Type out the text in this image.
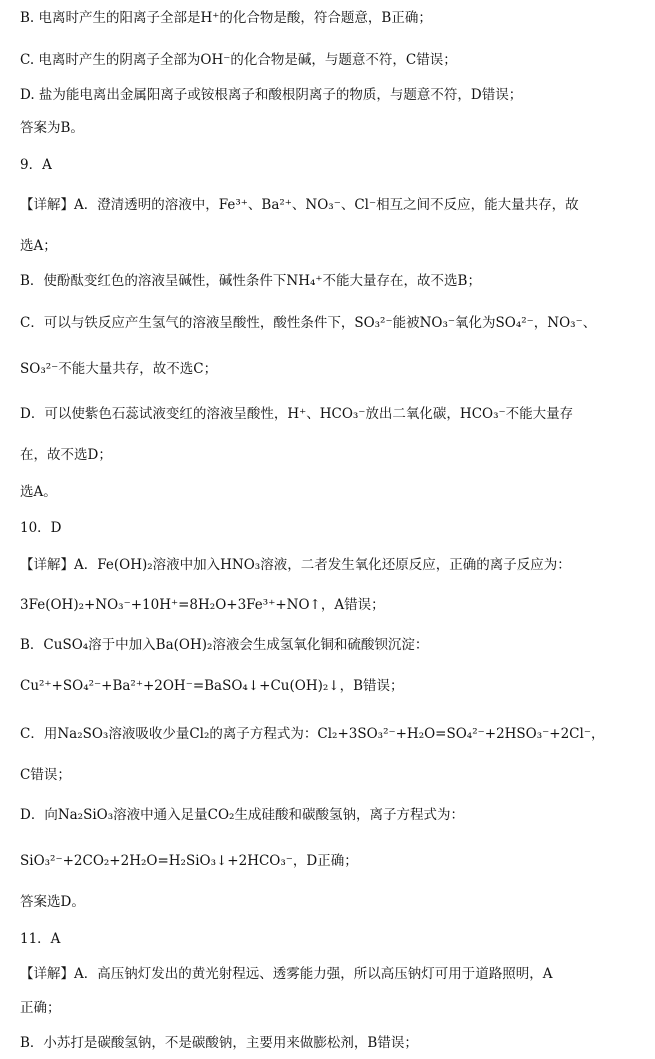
B. 电离时产生的阳离子全部是H⁺的化合物是酸，符合题意，B正确；
C. 电离时产生的阴离子全部为OH⁻的化合物是碱，与题意不符，C错误；
D. 盐为能电离出金属阳离子或铵根离子和酸根阴离子的物质，与题意不符，D错误；
答案为B。
9．A
【详解】A．澄清透明的溶液中，Fe³⁺、Ba²⁺、NO₃⁻、Cl⁻相互之间不反应，能大量共存，故
选A；
B．使酚酞变红色的溶液呈碱性，碱性条件下NH₄⁺不能大量存在，故不选B；
C．可以与铁反应产生氢气的溶液呈酸性，酸性条件下，SO₃²⁻能被NO₃⁻氧化为SO₄²⁻，NO₃⁻、
SO₃²⁻不能大量共存，故不选C；
D．可以使紫色石蕊试液变红的溶液呈酸性，H⁺、HCO₃⁻放出二氧化碳，HCO₃⁻不能大量存
在，故不选D；
选A。
10．D
【详解】A．Fe(OH)₂溶液中加入HNO₃溶液，二者发生氧化还原反应，正确的离子反应为：
3Fe(OH)₂+NO₃⁻+10H⁺=8H₂O+3Fe³⁺+NO↑，A错误；
B．CuSO₄溶于中加入Ba(OH)₂溶液会生成氢氧化铜和硫酸钡沉淀：
Cu²⁺+SO₄²⁻+Ba²⁺+2OH⁻=BaSO₄↓+Cu(OH)₂↓，B错误；
C．用Na₂SO₃溶液吸收少量Cl₂的离子方程式为：Cl₂+3SO₃²⁻+H₂O=SO₄²⁻+2HSO₃⁻+2Cl⁻，
C错误；
D．向Na₂SiO₃溶液中通入足量CO₂生成硅酸和碳酸氢钠，离子方程式为：
SiO₃²⁻+2CO₂+2H₂O=H₂SiO₃↓+2HCO₃⁻，D正确；
答案选D。
11．A
【详解】A．高压钠灯发出的黄光射程远、透雾能力强，所以高压钠灯可用于道路照明，A
正确；
B．小苏打是碳酸氢钠，不是碳酸钠，主要用来做膨松剂，B错误；
